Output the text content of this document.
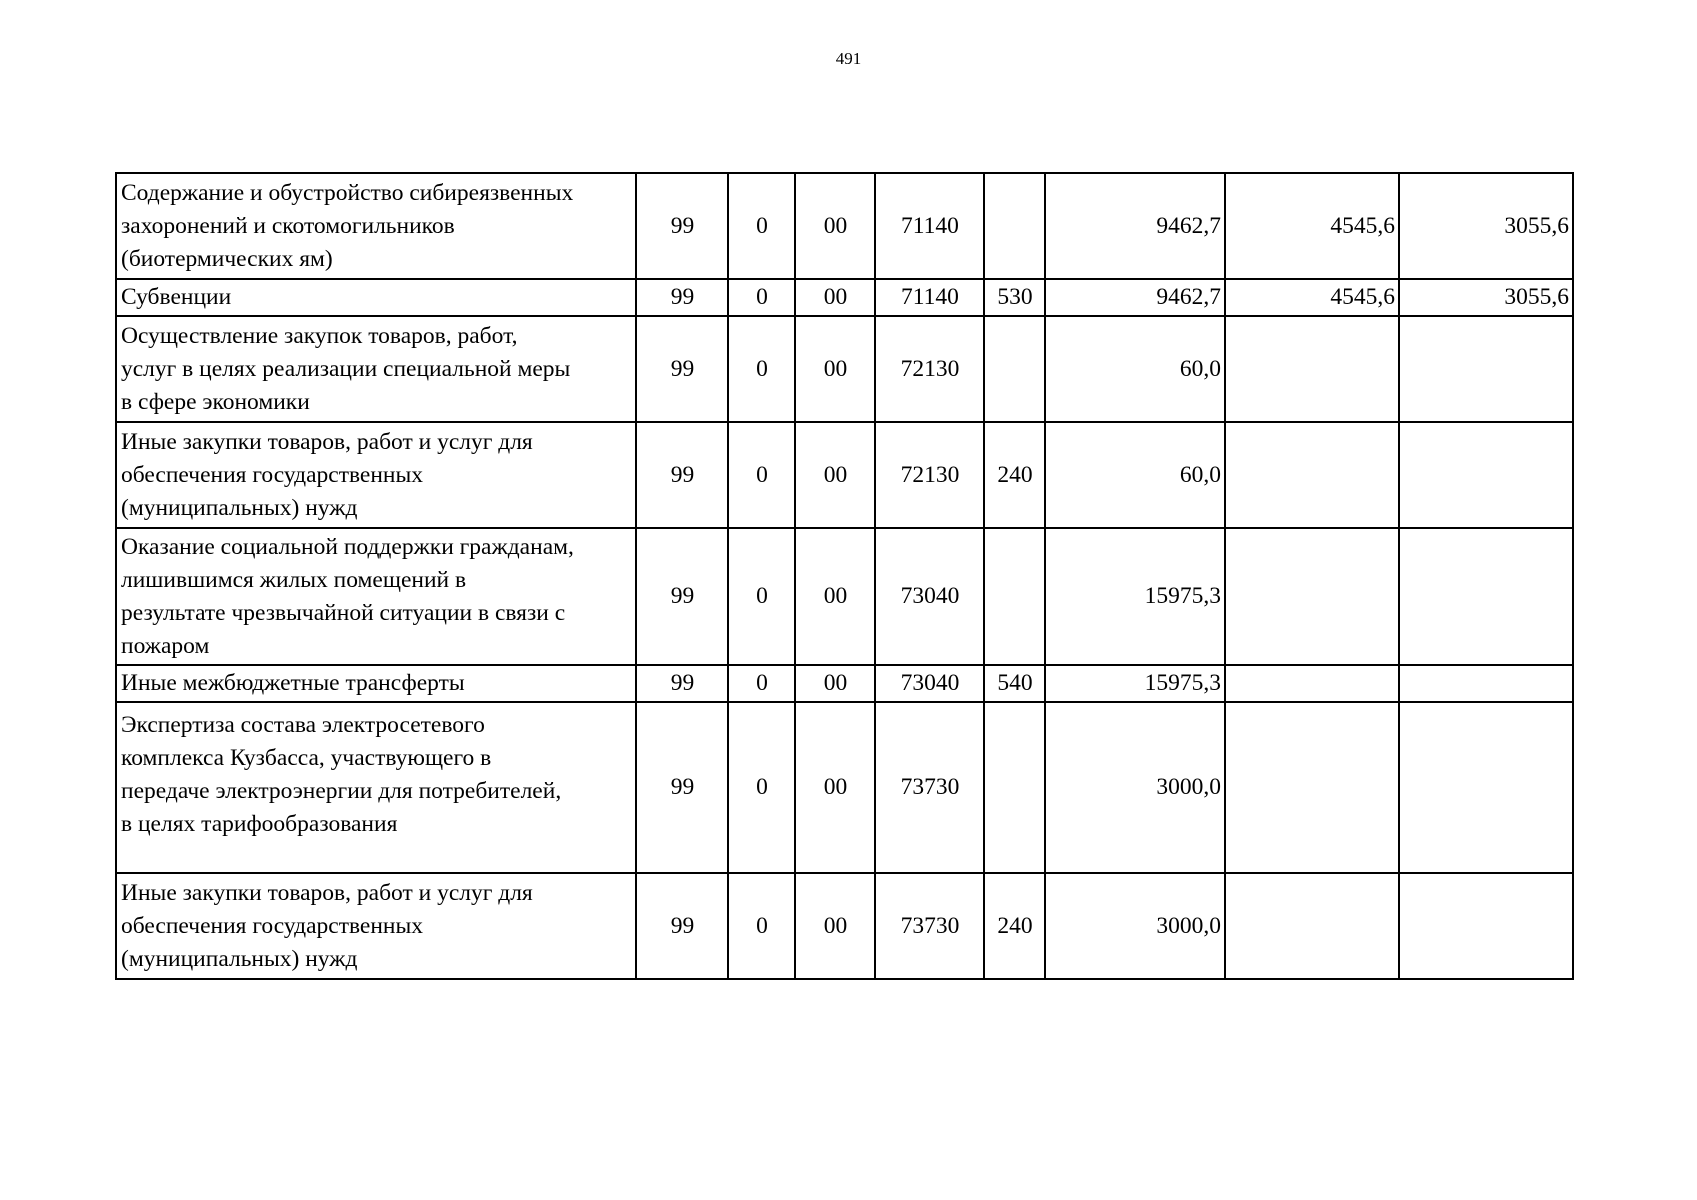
491
Содержание и обустройство сибиреязвенных
захоронений и скотомогильников
(биотермических ям)	99	0	00	71140		9462,7	4545,6	3055,6
Субвенции	99	0	00	71140	530	9462,7	4545,6	3055,6
Осуществление закупок товаров, работ,
услуг в целях реализации специальной меры
в сфере экономики	99	0	00	72130		60,0		
Иные закупки товаров, работ и услуг для
обеспечения государственных
(муниципальных) нужд	99	0	00	72130	240	60,0		
Оказание социальной поддержки гражданам,
лишившимся жилых помещений в
результате чрезвычайной ситуации в связи с
пожаром	99	0	00	73040		15975,3		
Иные межбюджетные трансферты	99	0	00	73040	540	15975,3		
Экспертиза состава электросетевого
комплекса Кузбасса, участвующего в
передаче электроэнергии для потребителей,
в целях тарифообразования	99	0	00	73730		3000,0		
Иные закупки товаров, работ и услуг для
обеспечения государственных
(муниципальных) нужд	99	0	00	73730	240	3000,0		
